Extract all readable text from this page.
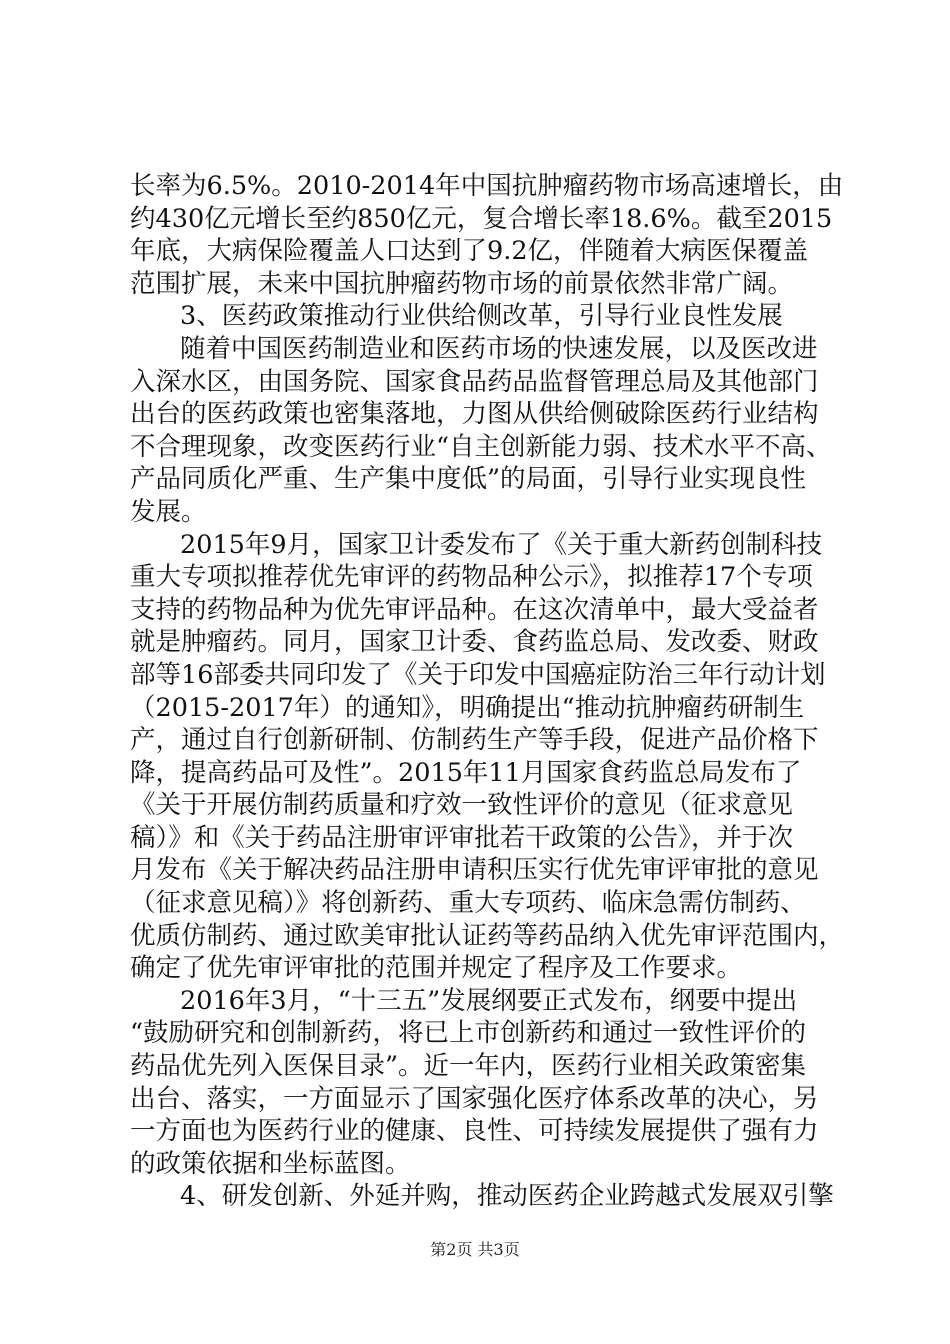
长率为6.5%。2010-2014年中国抗肿瘤药物市场高速增长，由
约430亿元增长至约850亿元，复合增长率18.6%。截至2015
年底，大病保险覆盖人口达到了9.2亿，伴随着大病医保覆盖
范围扩展，未来中国抗肿瘤药物市场的前景依然非常广阔。
3、医药政策推动行业供给侧改革，引导行业良性发展
随着中国医药制造业和医药市场的快速发展，以及医改进
入深水区，由国务院、国家食品药品监督管理总局及其他部门
出台的医药政策也密集落地，力图从供给侧破除医药行业结构
不合理现象，改变医药行业“自主创新能力弱、技术水平不高、
产品同质化严重、生产集中度低”的局面，引导行业实现良性
发展。
2015年9月，国家卫计委发布了《关于重大新药创制科技
重大专项拟推荐优先审评的药物品种公示》，拟推荐17个专项
支持的药物品种为优先审评品种。在这次清单中，最大受益者
就是肿瘤药。同月，国家卫计委、食药监总局、发改委、财政
部等16部委共同印发了《关于印发中国癌症防治三年行动计划
（2015-2017年）的通知》，明确提出“推动抗肿瘤药研制生
产，通过自行创新研制、仿制药生产等手段，促进产品价格下
降，提高药品可及性”。2015年11月国家食药监总局发布了
《关于开展仿制药质量和疗效一致性评价的意见（征求意见
稿）》和《关于药品注册审评审批若干政策的公告》，并于次
月发布《关于解决药品注册申请积压实行优先审评审批的意见
（征求意见稿）》将创新药、重大专项药、临床急需仿制药、
优质仿制药、通过欧美审批认证药等药品纳入优先审评范围内，
确定了优先审评审批的范围并规定了程序及工作要求。
2016年3月，“十三五”发展纲要正式发布，纲要中提出
“鼓励研究和创制新药，将已上市创新药和通过一致性评价的
药品优先列入医保目录”。近一年内，医药行业相关政策密集
出台、落实，一方面显示了国家强化医疗体系改革的决心，另
一方面也为医药行业的健康、良性、可持续发展提供了强有力
的政策依据和坐标蓝图。
4、研发创新、外延并购，推动医药企业跨越式发展双引擎
第2页 共3页
